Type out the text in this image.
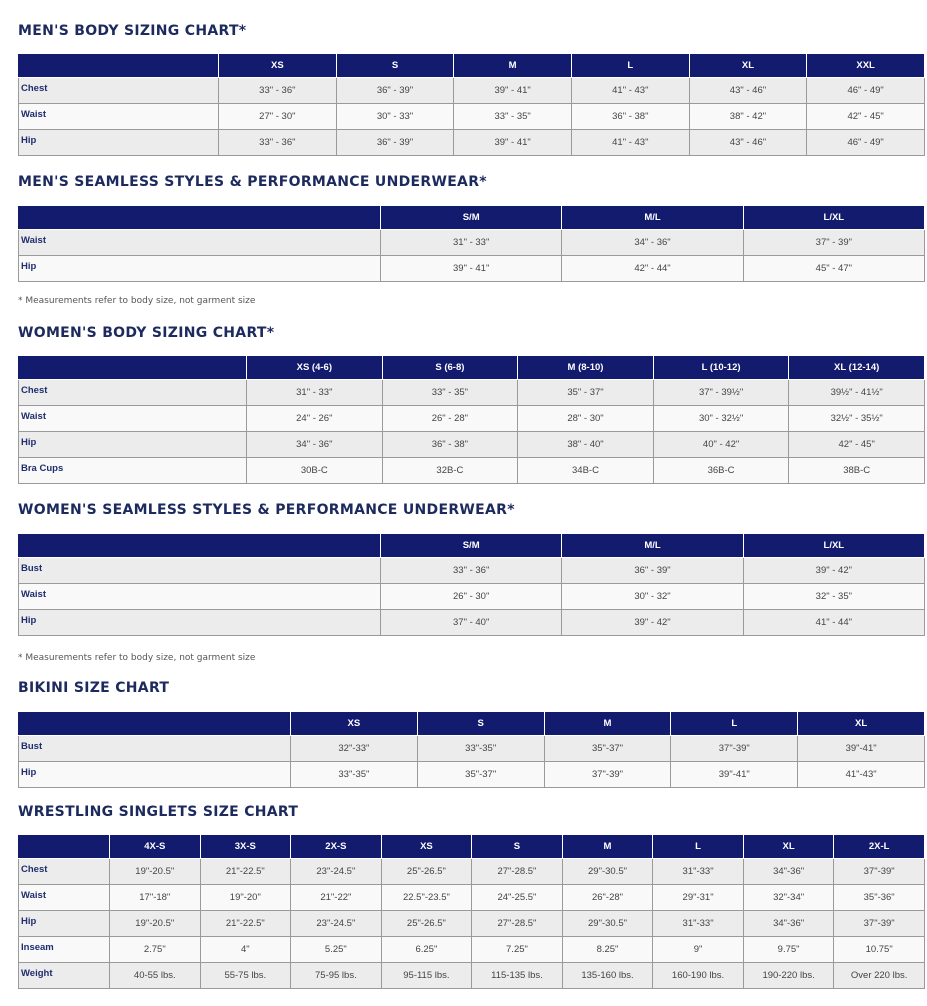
MEN'S BODY SIZING CHART*
	XS	S	M	L	XL	XXL
Chest	33" - 36"	36" - 39"	39" - 41"	41" - 43"	43" - 46"	46" - 49"
Waist	27" - 30"	30" - 33"	33" - 35"	36" - 38"	38" - 42"	42" - 45"
Hip	33" - 36"	36" - 39"	39" - 41"	41" - 43"	43" - 46"	46" - 49"
MEN'S SEAMLESS STYLES & PERFORMANCE UNDERWEAR*
	S/M	M/L	L/XL
Waist	31" - 33"	34" - 36"	37" - 39"
Hip	39" - 41"	42" - 44"	45" - 47"
* Measurements refer to body size, not garment size
WOMEN'S BODY SIZING CHART*
	XS (4-6)	S (6-8)	M (8-10)	L (10-12)	XL (12-14)
Chest	31" - 33"	33" - 35"	35" - 37"	37" - 39½"	39½" - 41½"
Waist	24" - 26"	26" - 28"	28" - 30"	30" - 32½"	32½" - 35½"
Hip	34" - 36"	36" - 38"	38" - 40"	40" - 42"	42" - 45"
Bra Cups	30B-C	32B-C	34B-C	36B-C	38B-C
WOMEN'S SEAMLESS STYLES & PERFORMANCE UNDERWEAR*
	S/M	M/L	L/XL
Bust	33" - 36"	36" - 39"	39" - 42"
Waist	26" - 30"	30" - 32"	32" - 35"
Hip	37" - 40"	39" - 42"	41" - 44"
* Measurements refer to body size, not garment size
BIKINI SIZE CHART
	XS	S	M	L	XL
Bust	32"-33"	33"-35"	35"-37"	37"-39"	39"-41"
Hip	33"-35"	35"-37"	37"-39"	39"-41"	41"-43"
WRESTLING SINGLETS SIZE CHART
	4X-S	3X-S	2X-S	XS	S	M	L	XL	2X-L
Chest	19"-20.5"	21"-22.5"	23"-24.5"	25"-26.5"	27"-28.5"	29"-30.5"	31"-33"	34"-36"	37"-39"
Waist	17"-18"	19"-20"	21"-22"	22.5"-23.5"	24"-25.5"	26"-28"	29"-31"	32"-34"	35"-36"
Hip	19"-20.5"	21"-22.5"	23"-24.5"	25"-26.5"	27"-28.5"	29"-30.5"	31"-33"	34"-36"	37"-39"
Inseam	2.75"	4"	5.25"	6.25"	7.25"	8.25"	9"	9.75"	10.75"
Weight	40-55 lbs.	55-75 lbs.	75-95 lbs.	95-115 lbs.	115-135 lbs.	135-160 lbs.	160-190 lbs.	190-220 lbs.	Over 220 lbs.
